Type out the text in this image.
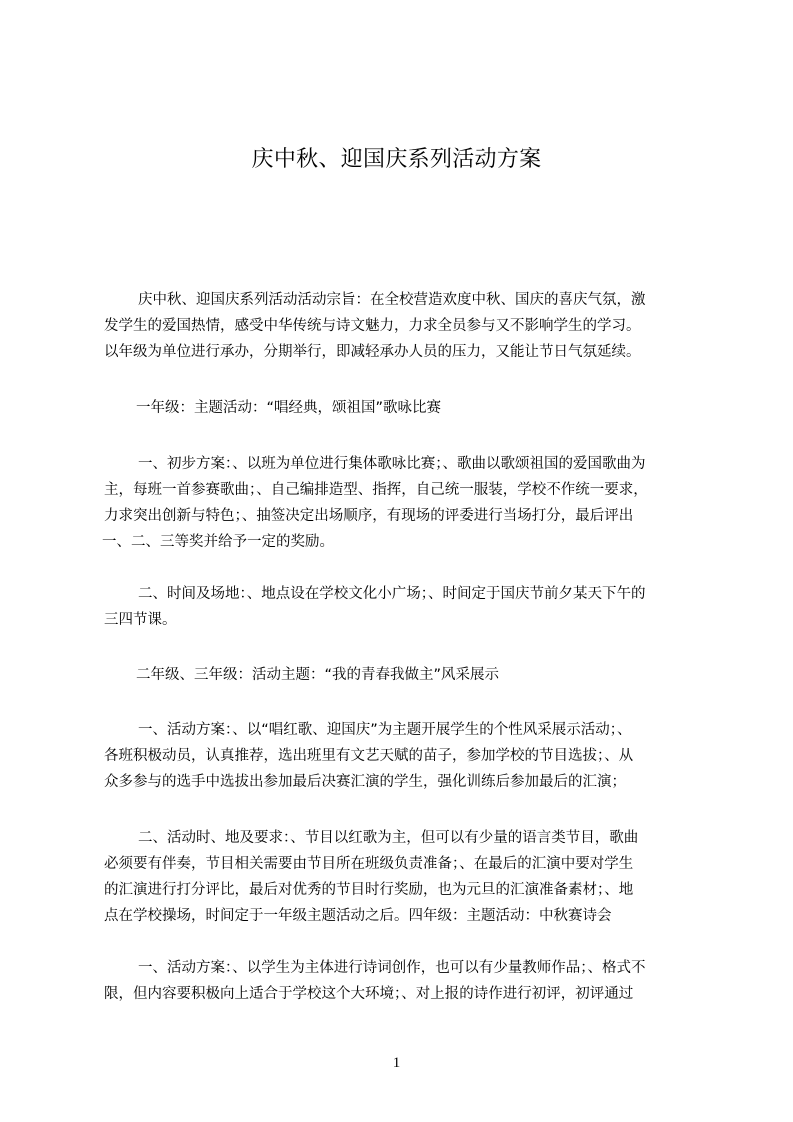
庆中秋、迎国庆系列活动方案
庆中秋、迎国庆系列活动活动宗旨：在全校营造欢度中秋、国庆的喜庆气氛，激
发学生的爱国热情，感受中华传统与诗文魅力，力求全员参与又不影响学生的学习。
以年级为单位进行承办，分期举行，即减轻承办人员的压力，又能让节日气氛延续。
一年级：主题活动：“唱经典，颂祖国”歌咏比赛
一、初步方案：、以班为单位进行集体歌咏比赛；、歌曲以歌颂祖国的爱国歌曲为
主，每班一首参赛歌曲；、自己编排造型、指挥，自己统一服装，学校不作统一要求，
力求突出创新与特色；、抽签决定出场顺序，有现场的评委进行当场打分，最后评出
一、二、三等奖并给予一定的奖励。
二、时间及场地：、地点设在学校文化小广场；、时间定于国庆节前夕某天下午的
三四节课。
二年级、三年级：活动主题：“我的青春我做主”风采展示
一、活动方案：、以“唱红歌、迎国庆”为主题开展学生的个性风采展示活动；、
各班积极动员，认真推荐，选出班里有文艺天赋的苗子，参加学校的节目选拔；、从
众多参与的选手中选拔出参加最后决赛汇演的学生，强化训练后参加最后的汇演；
二、活动时、地及要求：、节目以红歌为主，但可以有少量的语言类节目，歌曲
必须要有伴奏，节目相关需要由节目所在班级负责准备；、在最后的汇演中要对学生
的汇演进行打分评比，最后对优秀的节目时行奖励，也为元旦的汇演准备素材；、地
点在学校操场，时间定于一年级主题活动之后。四年级：主题活动：中秋赛诗会
一、活动方案：、以学生为主体进行诗词创作，也可以有少量教师作品；、格式不
限，但内容要积极向上适合于学校这个大环境；、对上报的诗作进行初评，初评通过
1
